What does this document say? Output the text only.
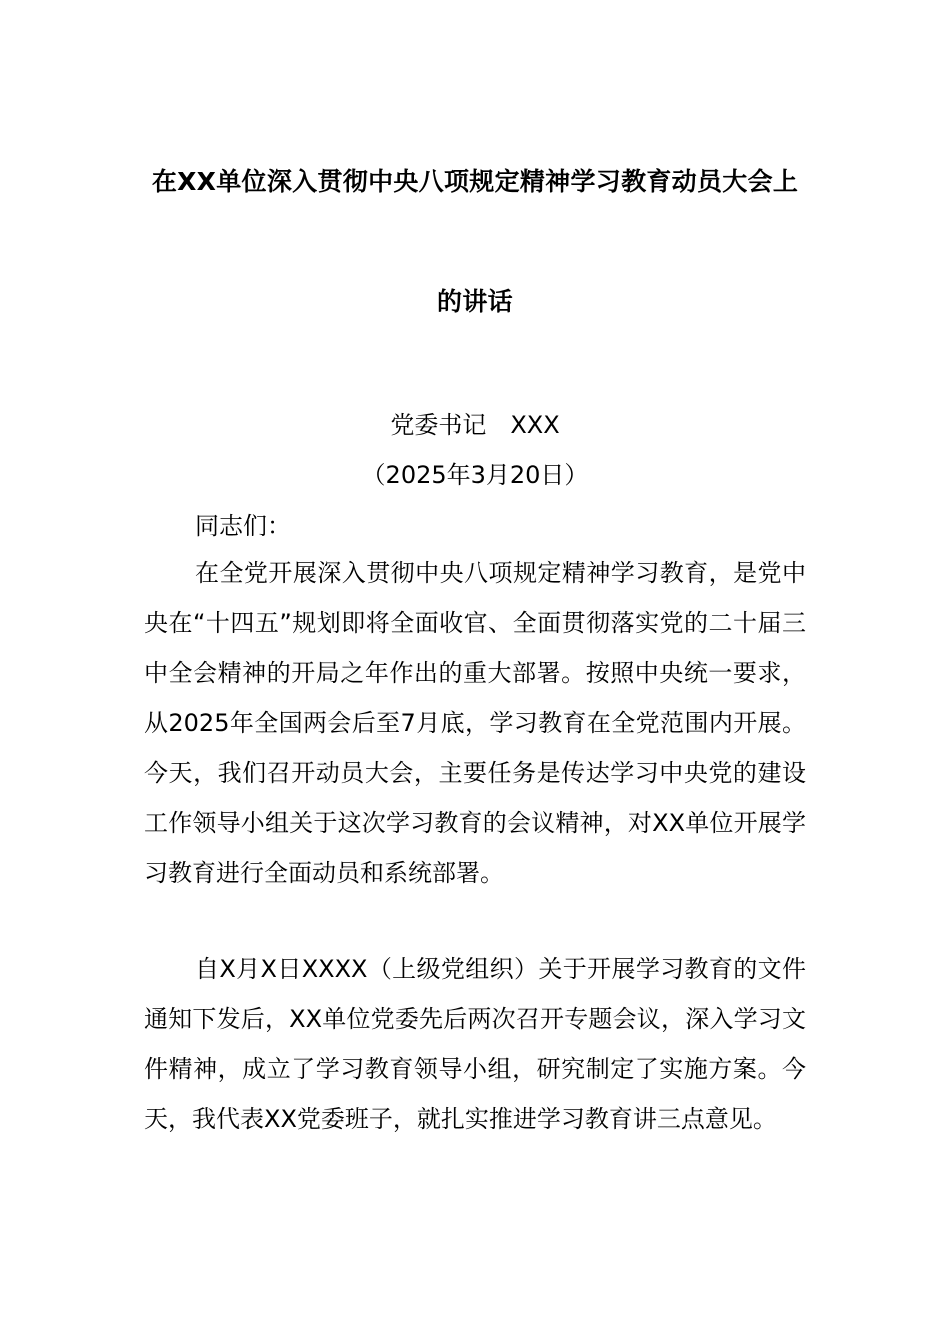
在XX单位深入贯彻中央八项规定精神学习教育动员大会上
的讲话
党委书记　XXX
（2025年3月20日）
同志们：

在全党开展深入贯彻中央八项规定精神学习教育，是党中央在“十四五”规划即将全面收官、全面贯彻落实党的二十届三中全会精神的开局之年作出的重大部署。按照中央统一要求，从2025年全国两会后至7月底，学习教育在全党范围内开展。今天，我们召开动员大会，主要任务是传达学习中央党的建设工作领导小组关于这次学习教育的会议精神，对XX单位开展学习教育进行全面动员和系统部署。

自X月X日XXXX（上级党组织）关于开展学习教育的文件通知下发后，XX单位党委先后两次召开专题会议，深入学习文件精神，成立了学习教育领导小组，研究制定了实施方案。今天，我代表XX党委班子，就扎实推进学习教育讲三点意见。
